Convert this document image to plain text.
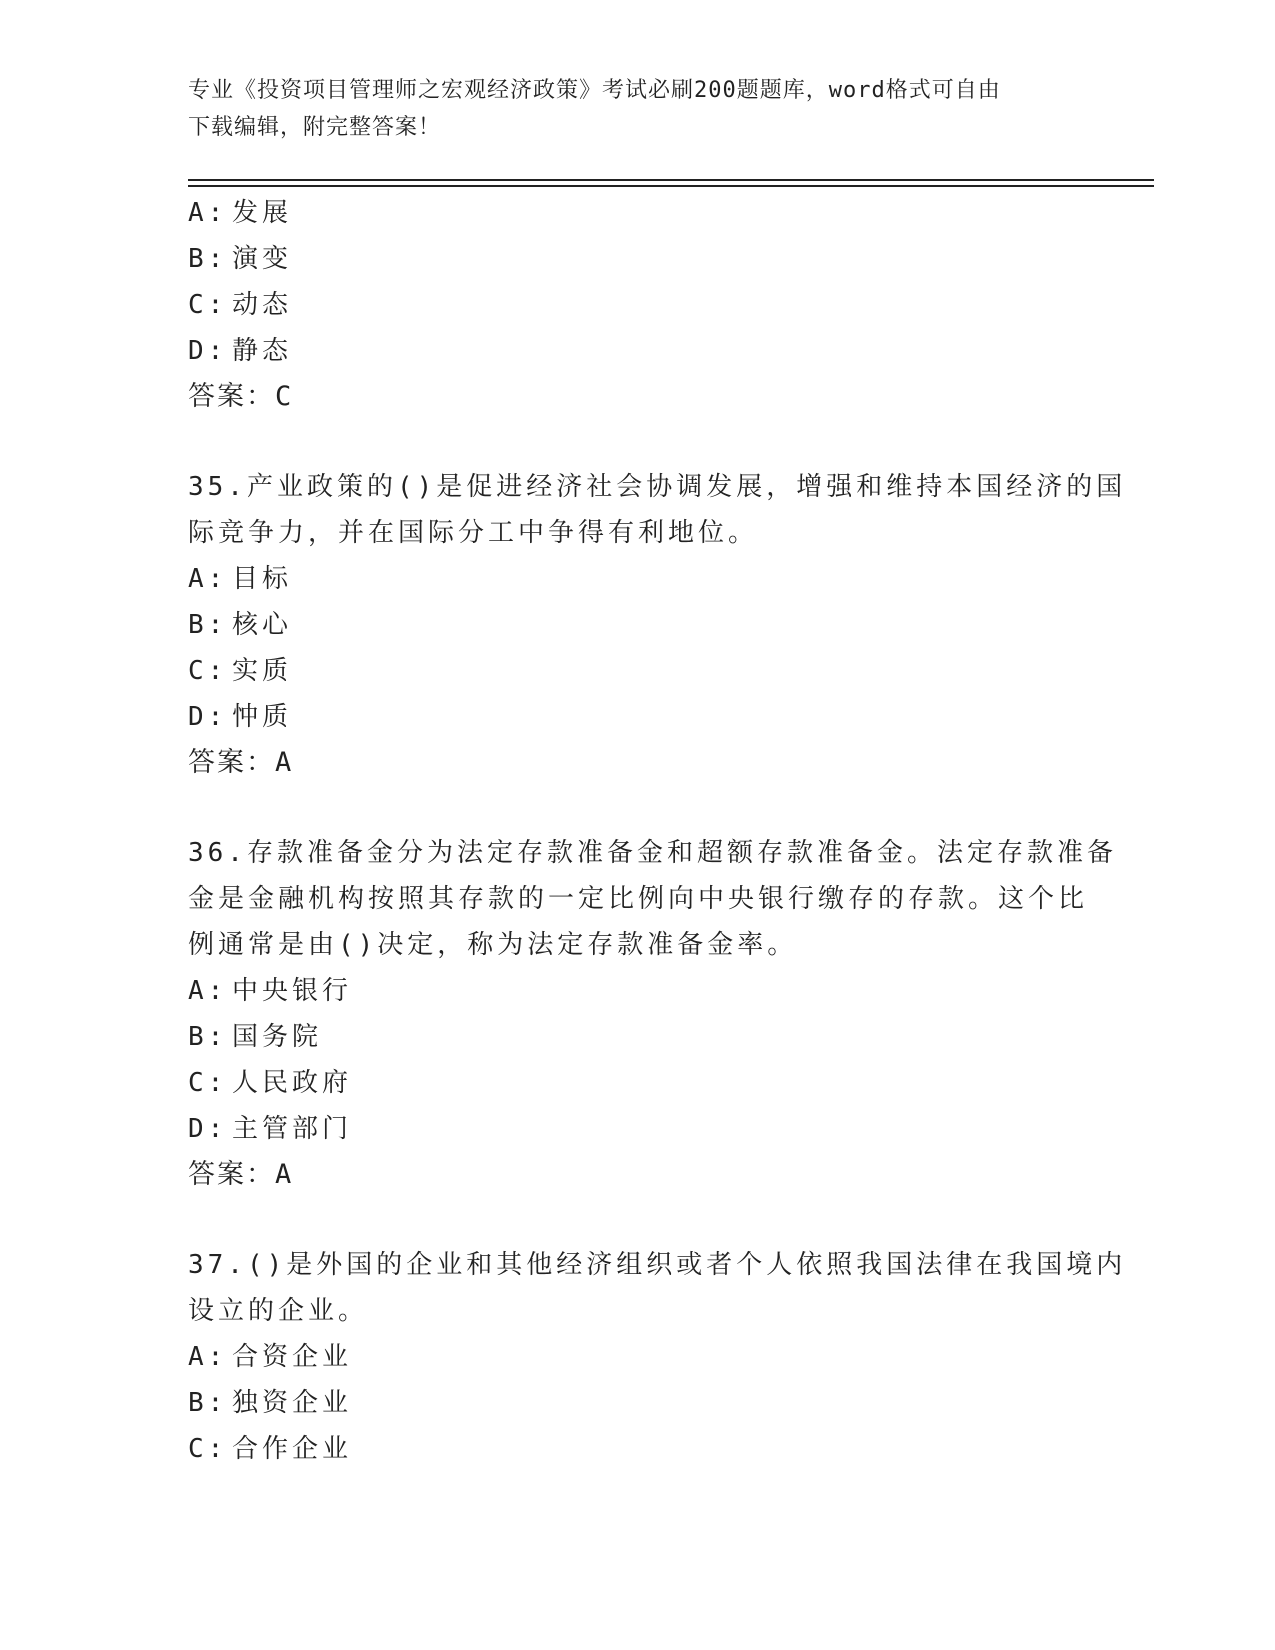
专业《投资项目管理师之宏观经济政策》考试必刷200题题库，word格式可自由
下载编辑，附完整答案！
A: 发展
B: 演变
C: 动态
D: 静态
答案：C
35.产业政策的()是促进经济社会协调发展，增强和维持本国经济的国
际竞争力，并在国际分工中争得有利地位。
A: 目标
B: 核心
C: 实质
D: 忡质
答案：A
36.存款准备金分为法定存款准备金和超额存款准备金。法定存款准备
金是金融机构按照其存款的一定比例向中央银行缴存的存款。这个比
例通常是由()决定，称为法定存款准备金率。
A: 中央银行
B: 国务院
C: 人民政府
D: 主管部门
答案：A
37.()是外国的企业和其他经济组织或者个人依照我国法律在我国境内
设立的企业。
A: 合资企业
B: 独资企业
C: 合作企业
